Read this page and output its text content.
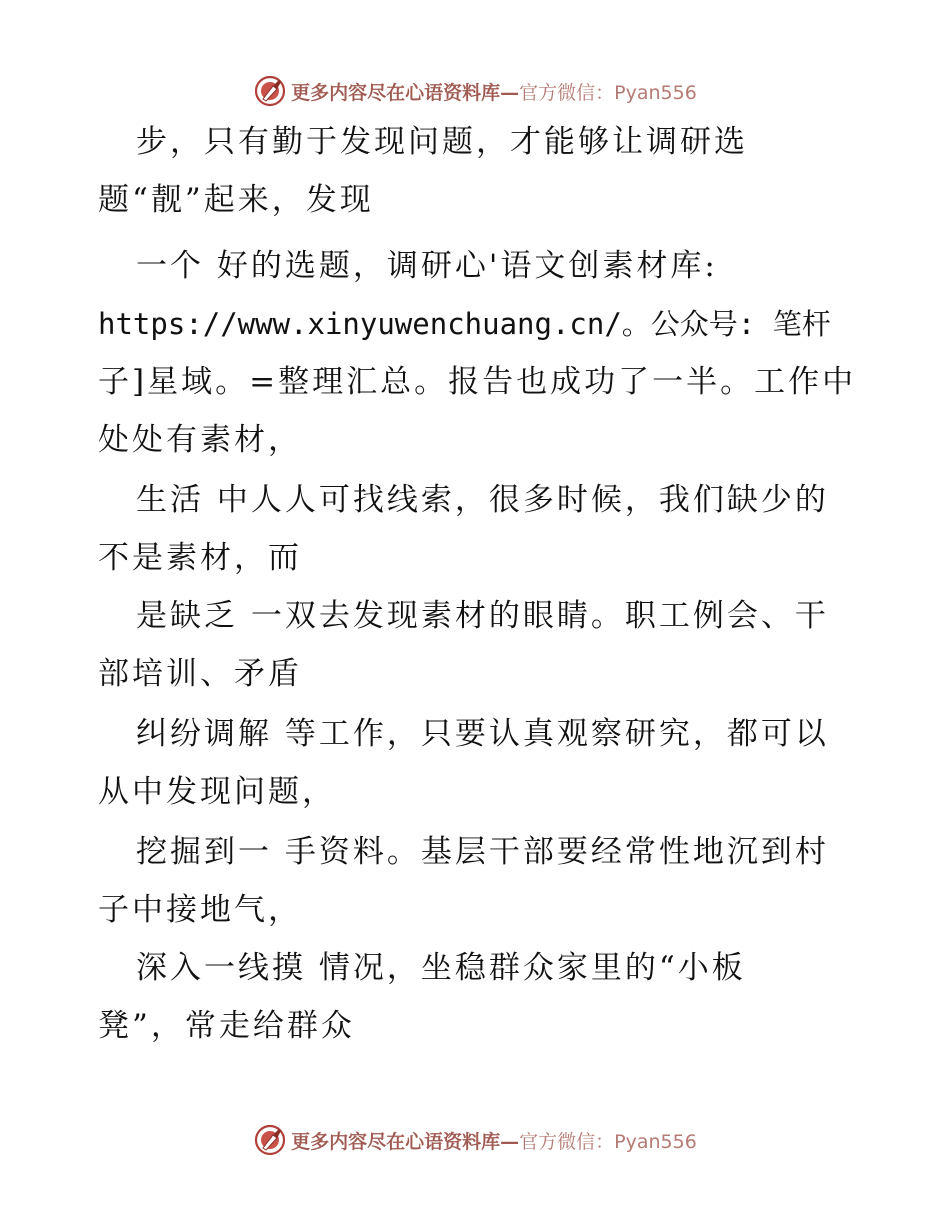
更多内容尽在心语资料库—官方微信：Pyan556
步，只有勤于发现问题，才能够让调研选
题“靓”起来，发现
一个 好的选题，调研心'语文创素材库:
https://www.xinyuwenchuang.cn/。公众号: 笔杆
子]星域。=整理汇总。报告也成功了一半。工作中
处处有素材，
生活 中人人可找线索，很多时候，我们缺少的
不是素材，而
是缺乏 一双去发现素材的眼睛。职工例会、干
部培训、矛盾
纠纷调解 等工作，只要认真观察研究，都可以
从中发现问题，
挖掘到一 手资料。基层干部要经常性地沉到村
子中接地气，
深入一线摸 情况，坐稳群众家里的“小板
凳”，常走给群众
更多内容尽在心语资料库—官方微信：Pyan556
